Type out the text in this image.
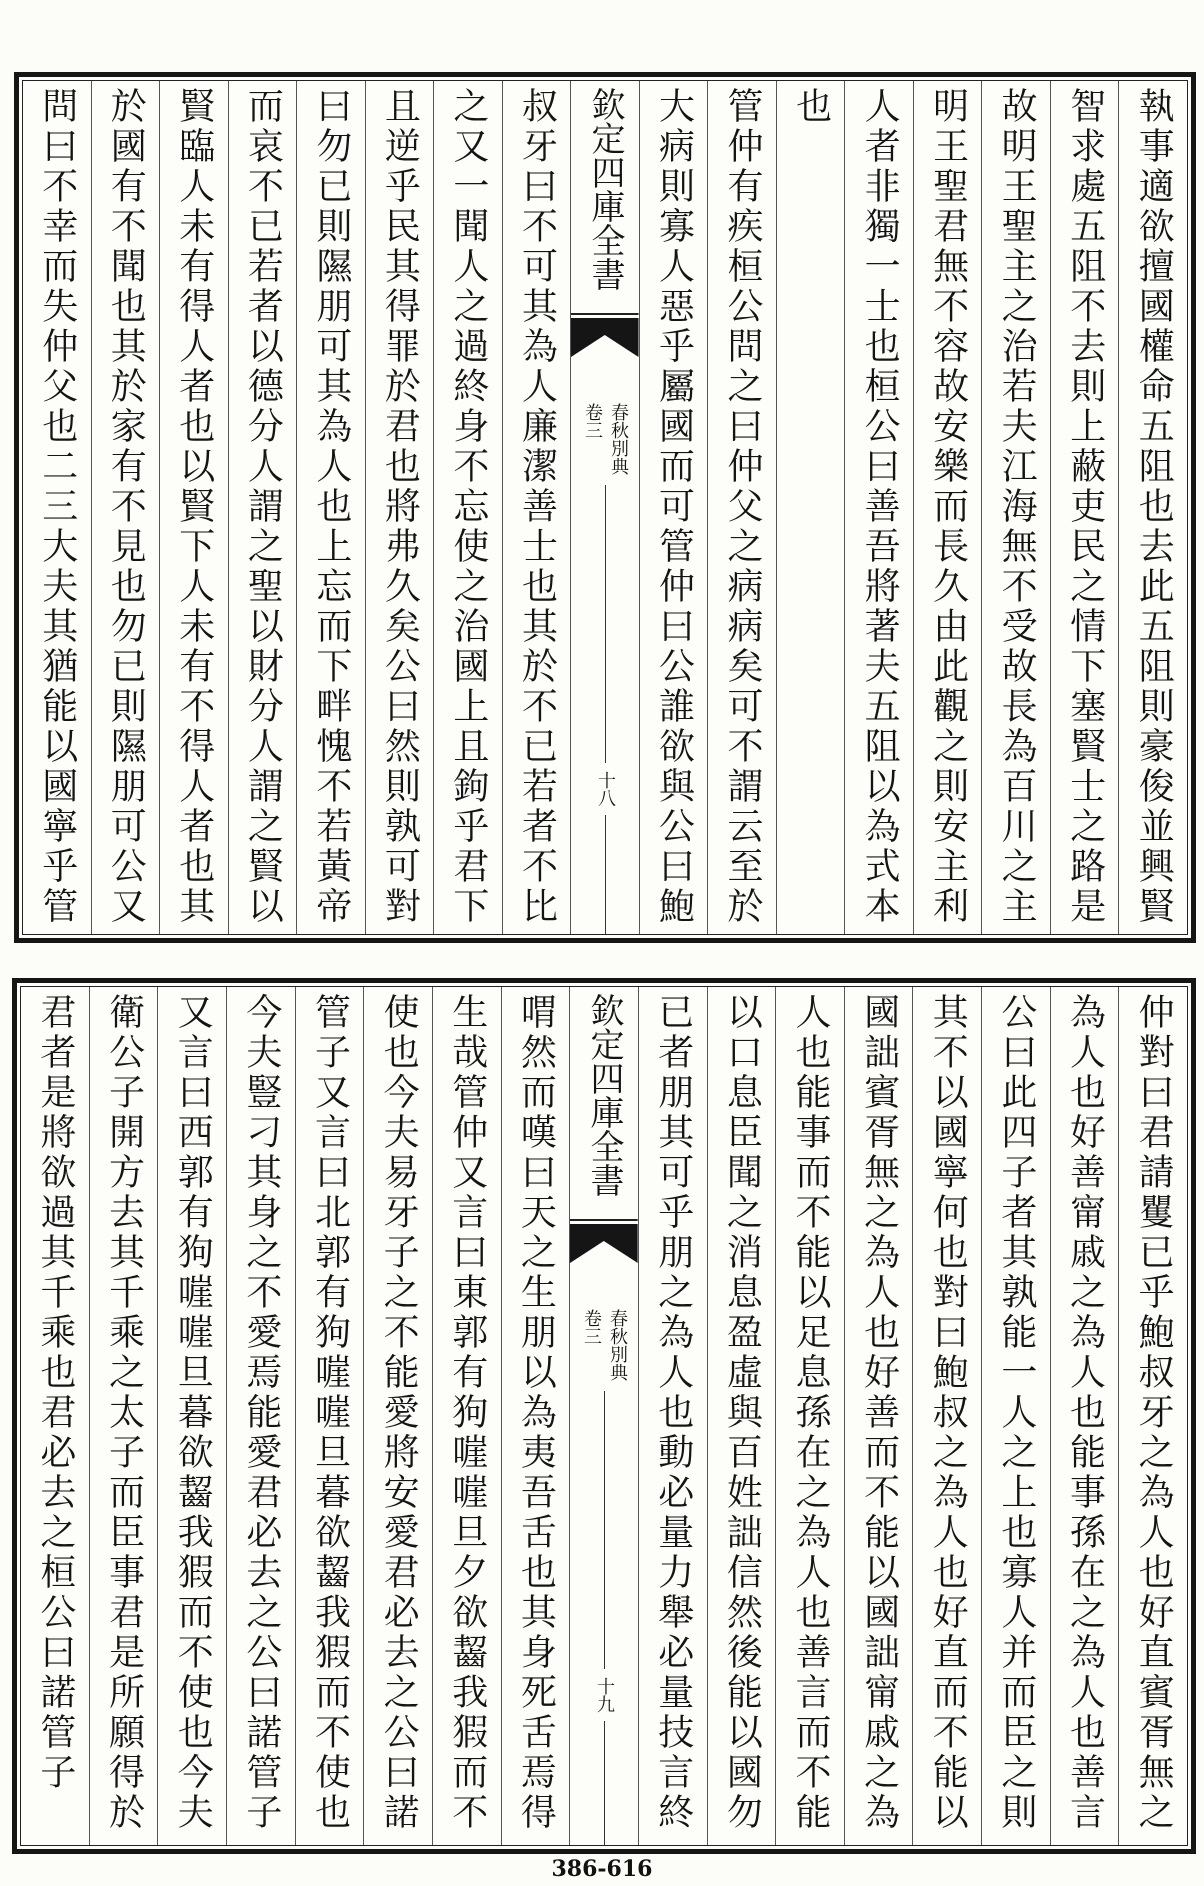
執事適欲擅國權命五阻也去此五阻則豪俊並興賢
智求處五阻不去則上蔽吏民之情下塞賢士之路是
故明王聖主之治若夫江海無不受故長為百川之主
明王聖君無不容故安樂而長久由此觀之則安主利
人者非獨一士也桓公曰善吾將著夫五阻以為式本
也
管仲有疾桓公問之曰仲父之病病矣可不謂云至於
大病則寡人惡乎屬國而可管仲曰公誰欲與公曰鮑
欽定四庫全書
春秋別典
卷三
十八
叔牙曰不可其為人廉潔善士也其於不已若者不比
之又一聞人之過終身不忘使之治國上且鉤乎君下
且逆乎民其得罪於君也將弗久矣公曰然則孰可對
曰勿已則隰朋可其為人也上忘而下畔愧不若黃帝
而哀不已若者以德分人謂之聖以財分人謂之賢以
賢臨人未有得人者也以賢下人未有不得人者也其
於國有不聞也其於家有不見也勿已則隰朋可公又
問曰不幸而失仲父也二三大夫其猶能以國寧乎管
仲對曰君請矍已乎鮑叔牙之為人也好直賓胥無之
為人也好善甯戚之為人也能事孫在之為人也善言
公曰此四子者其孰能一人之上也寡人并而臣之則
其不以國寧何也對曰鮑叔之為人也好直而不能以
國詘賓胥無之為人也好善而不能以國詘甯戚之為
人也能事而不能以足息孫在之為人也善言而不能
以口息臣聞之消息盈虛與百姓詘信然後能以國勿
已者朋其可乎朋之為人也動必量力舉必量技言終
欽定四庫全書
春秋別典
卷三
十九
喟然而嘆曰天之生朋以為夷吾舌也其身死舌焉得
生哉管仲又言曰東郭有狗嘊嘊旦夕欲齧我猳而不
使也今夫易牙子之不能愛將安愛君必去之公曰諾
管子又言曰北郭有狗嘊嘊旦暮欲齧我猳而不使也
今夫豎刁其身之不愛焉能愛君必去之公曰諾管子
又言曰西郭有狗嘊嘊旦暮欲齧我猳而不使也今夫
衛公子開方去其千乘之太子而臣事君是所願得於
君者是將欲過其千乘也君必去之桓公曰諾管子
386-616
